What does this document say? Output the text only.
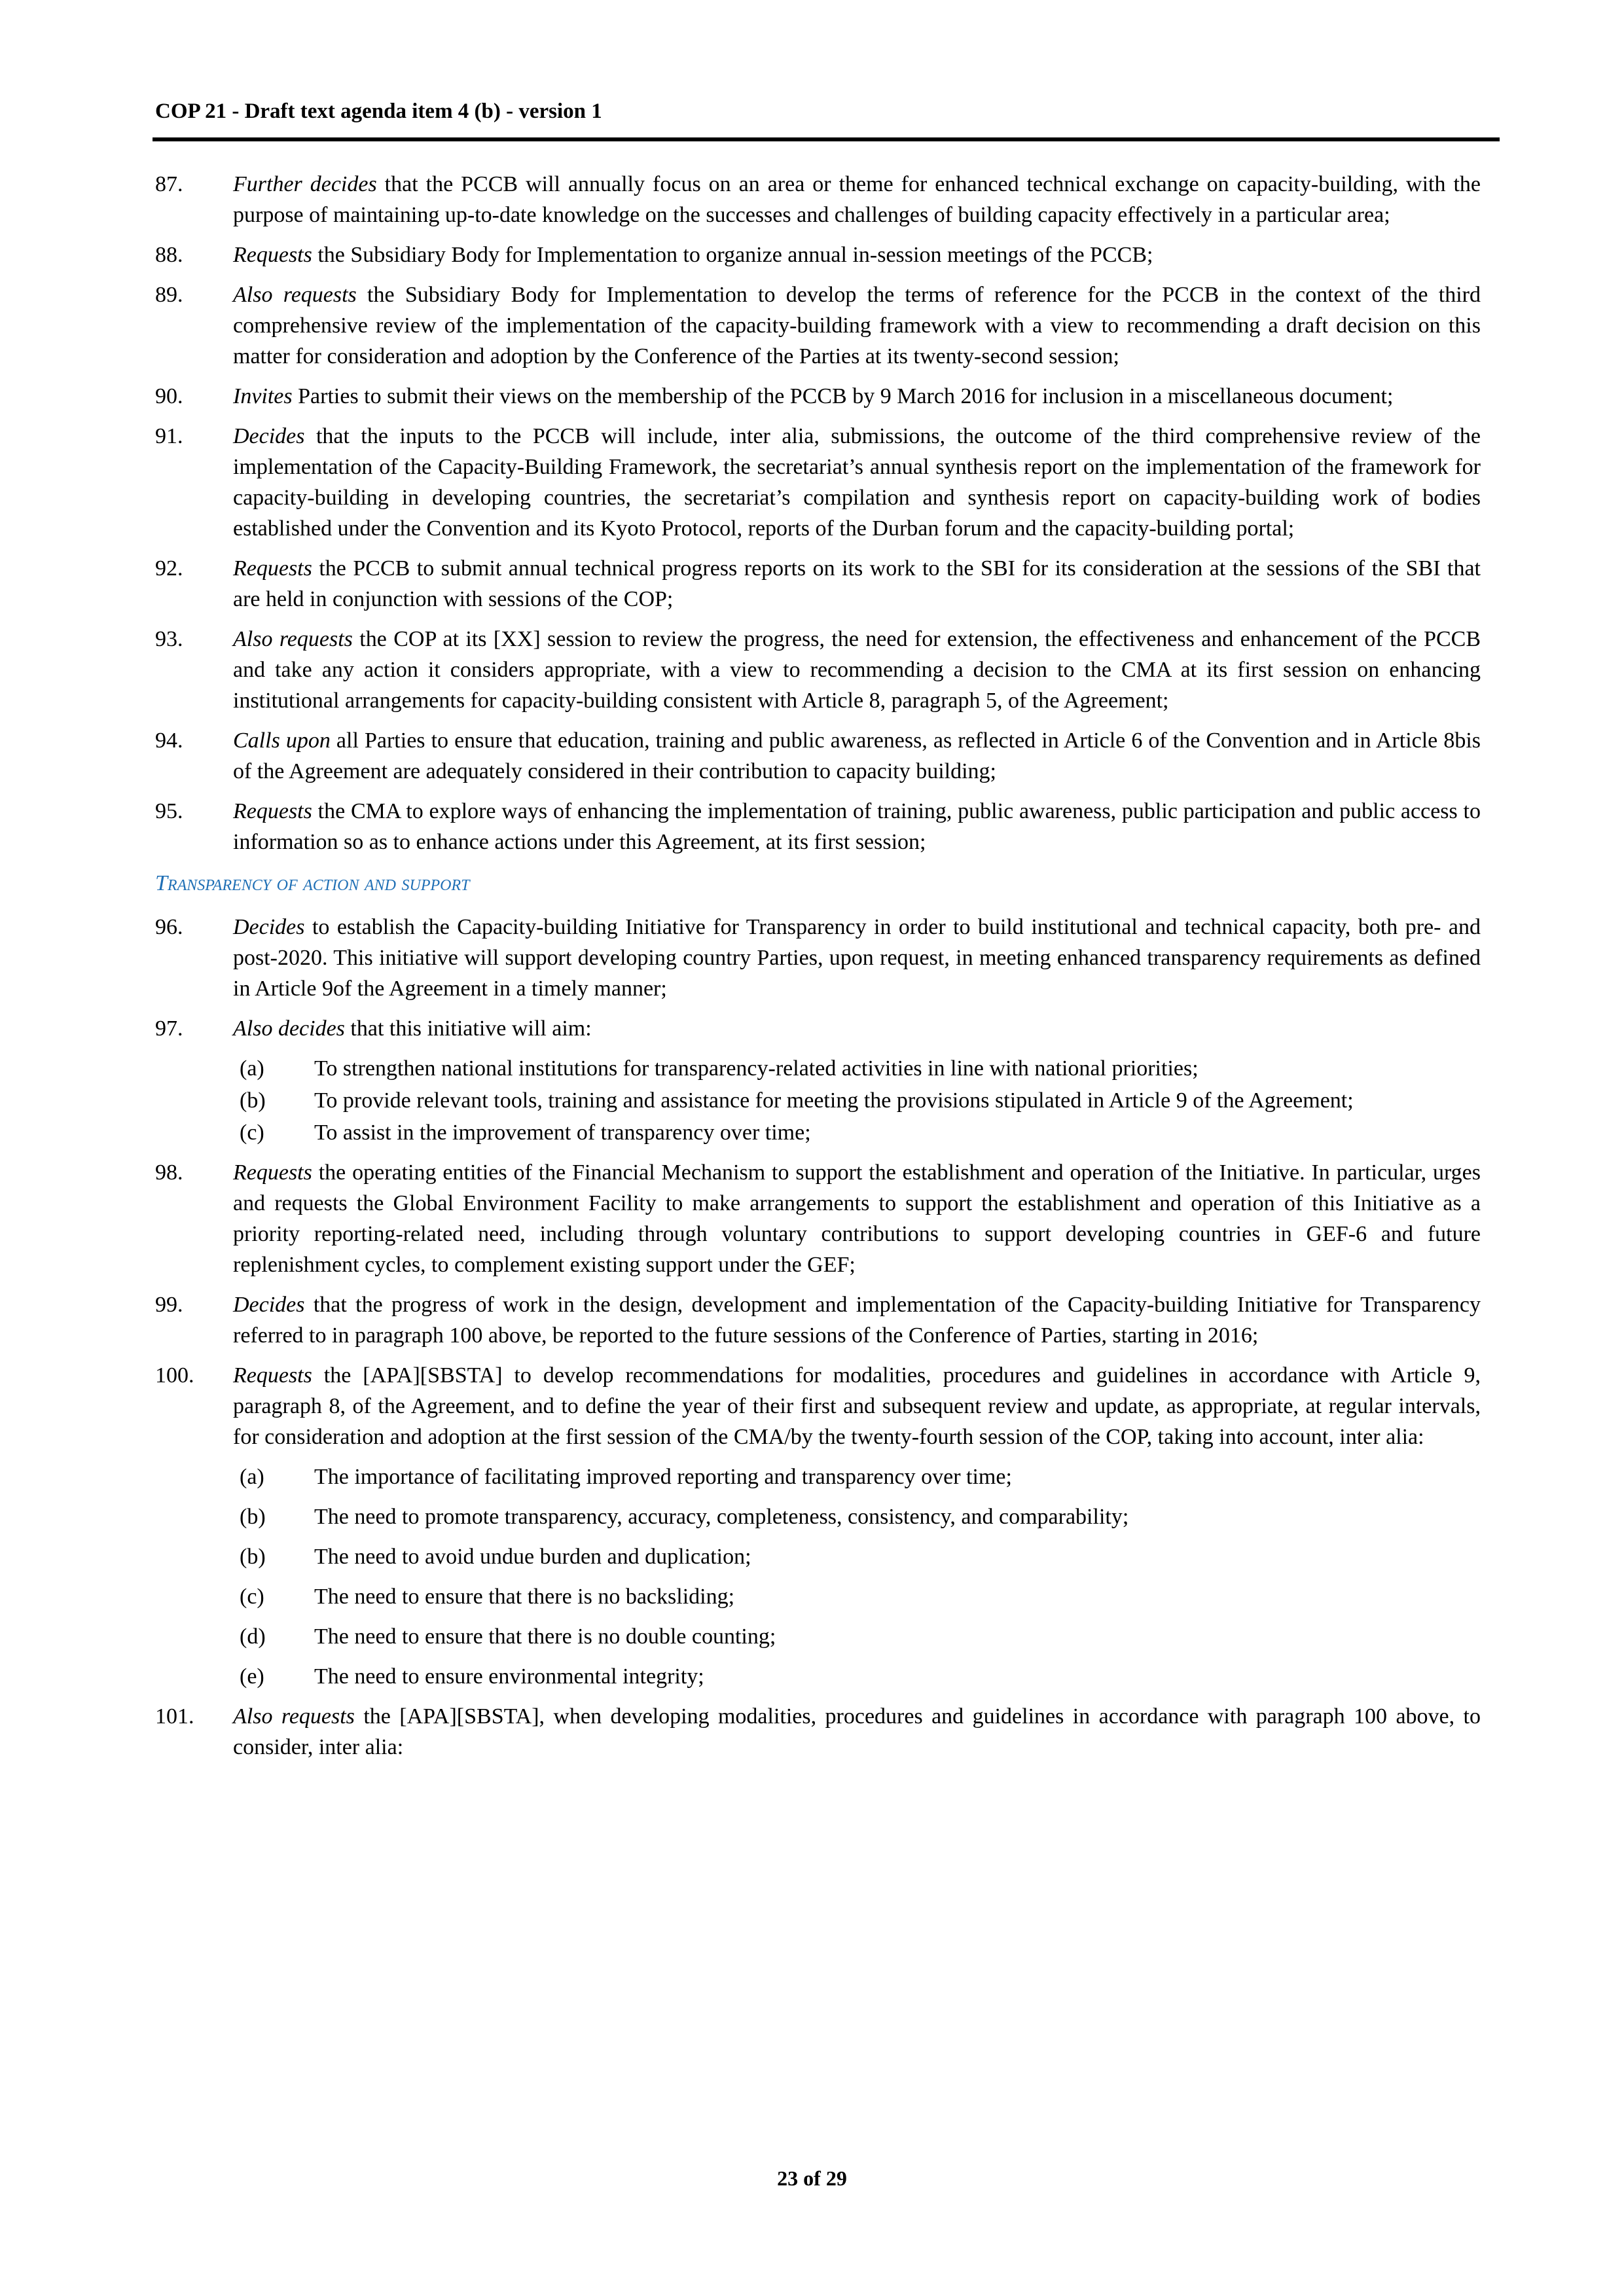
COP 21 - Draft text agenda item 4 (b) - version 1
87. Further decides that the PCCB will annually focus on an area or theme for enhanced technical exchange on capacity-building, with the purpose of maintaining up-to-date knowledge on the successes and challenges of building capacity effectively in a particular area;
88. Requests the Subsidiary Body for Implementation to organize annual in-session meetings of the PCCB;
89. Also requests the Subsidiary Body for Implementation to develop the terms of reference for the PCCB in the context of the third comprehensive review of the implementation of the capacity-building framework with a view to recommending a draft decision on this matter for consideration and adoption by the Conference of the Parties at its twenty-second session;
90. Invites Parties to submit their views on the membership of the PCCB by 9 March 2016 for inclusion in a miscellaneous document;
91. Decides that the inputs to the PCCB will include, inter alia, submissions, the outcome of the third comprehensive review of the implementation of the Capacity-Building Framework, the secretariat’s annual synthesis report on the implementation of the framework for capacity-building in developing countries, the secretariat’s compilation and synthesis report on capacity-building work of bodies established under the Convention and its Kyoto Protocol, reports of the Durban forum and the capacity-building portal;
92. Requests the PCCB to submit annual technical progress reports on its work to the SBI for its consideration at the sessions of the SBI that are held in conjunction with sessions of the COP;
93. Also requests the COP at its [XX] session to review the progress, the need for extension, the effectiveness and enhancement of the PCCB and take any action it considers appropriate, with a view to recommending a decision to the CMA at its first session on enhancing institutional arrangements for capacity-building consistent with Article 8, paragraph 5, of the Agreement;
94. Calls upon all Parties to ensure that education, training and public awareness, as reflected in Article 6 of the Convention and in Article 8bis of the Agreement are adequately considered in their contribution to capacity building;
95. Requests the CMA to explore ways of enhancing the implementation of training, public awareness, public participation and public access to information so as to enhance actions under this Agreement, at its first session;
Transparency of action and support
96. Decides to establish the Capacity-building Initiative for Transparency in order to build institutional and technical capacity, both pre- and post-2020. This initiative will support developing country Parties, upon request, in meeting enhanced transparency requirements as defined in Article 9of the Agreement in a timely manner;
97. Also decides that this initiative will aim:
(a) To strengthen national institutions for transparency-related activities in line with national priorities;
(b) To provide relevant tools, training and assistance for meeting the provisions stipulated in Article 9 of the Agreement;
(c) To assist in the improvement of transparency over time;
98. Requests the operating entities of the Financial Mechanism to support the establishment and operation of the Initiative. In particular, urges and requests the Global Environment Facility to make arrangements to support the establishment and operation of this Initiative as a priority reporting-related need, including through voluntary contributions to support developing countries in GEF-6 and future replenishment cycles, to complement existing support under the GEF;
99. Decides that the progress of work in the design, development and implementation of the Capacity-building Initiative for Transparency referred to in paragraph 100 above, be reported to the future sessions of the Conference of Parties, starting in 2016;
100. Requests the [APA][SBSTA] to develop recommendations for modalities, procedures and guidelines in accordance with Article 9, paragraph 8, of the Agreement, and to define the year of their first and subsequent review and update, as appropriate, at regular intervals, for consideration and adoption at the first session of the CMA/by the twenty-fourth session of the COP, taking into account, inter alia:
(a) The importance of facilitating improved reporting and transparency over time;
(b) The need to promote transparency, accuracy, completeness, consistency, and comparability;
(b) The need to avoid undue burden and duplication;
(c) The need to ensure that there is no backsliding;
(d) The need to ensure that there is no double counting;
(e) The need to ensure environmental integrity;
101. Also requests the [APA][SBSTA], when developing modalities, procedures and guidelines in accordance with paragraph 100 above, to consider, inter alia:
23 of 29
